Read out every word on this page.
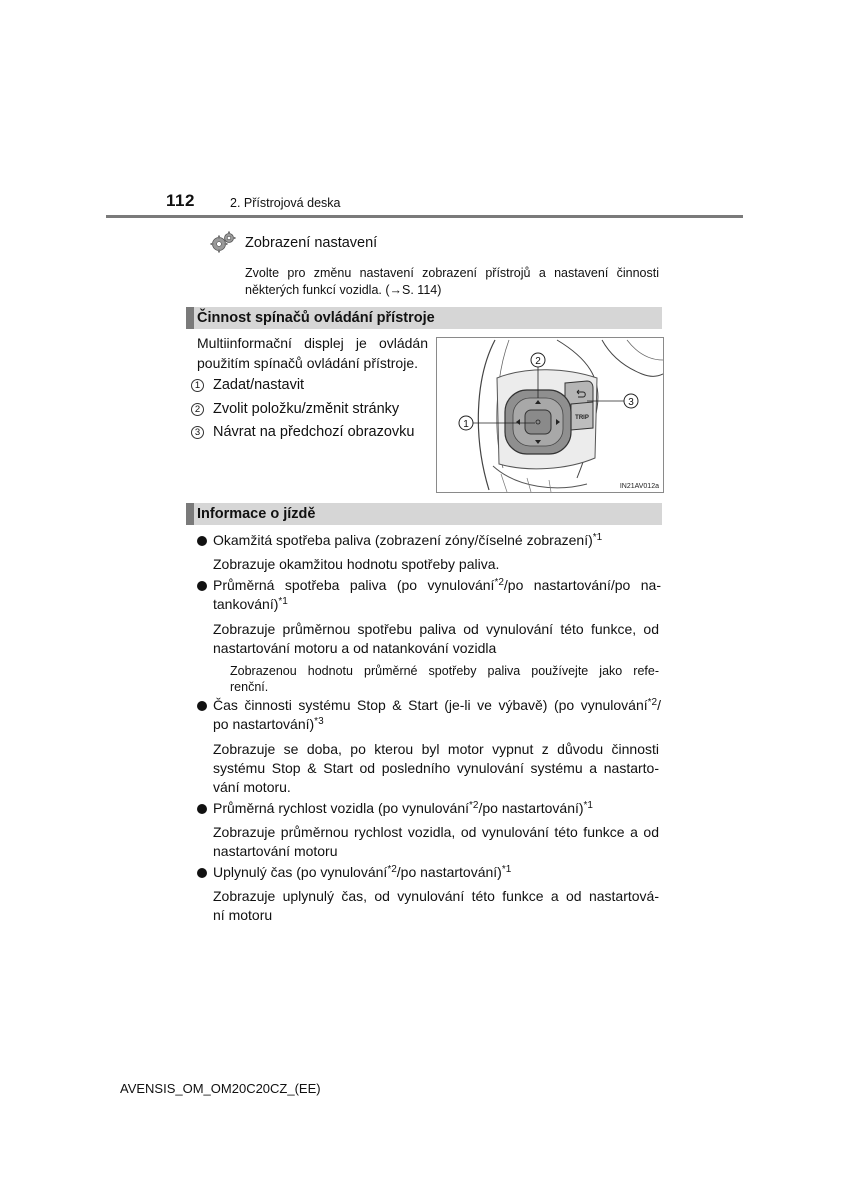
112	2. Přístrojová deska
Zobrazení nastavení
Zvolte pro změnu nastavení zobrazení přístrojů a nastavení činnosti
některých funkcí vozidla. (→S. 114)
Činnost spínačů ovládání přístroje
Multiinformační displej je ovládán
použitím spínačů ovládání přístroje.
1 Zadat/nastavit
2 Zvolit položku/změnit stránky
3 Návrat na předchozí obrazovku
TRIP
2
1
3
IN21AV012a
Informace o jízdě
Okamžitá spotřeba paliva (zobrazení zóny/číselné zobrazení)$^{*1}$
Zobrazuje okamžitou hodnotu spotřeby paliva.
Průměrná spotřeba paliva (po vynulování$^{*2}$/po nastartování/po na-
tankování)$^{*1}$
Zobrazuje průměrnou spotřebu paliva od vynulování této funkce, od
nastartování motoru a od natankování vozidla
Zobrazenou hodnotu průměrné spotřeby paliva používejte jako refe-
renční.
Čas činnosti systému Stop & Start (je-li ve výbavě) (po vynulování$^{*2}$/
po nastartování)$^{*3}$
Zobrazuje se doba, po kterou byl motor vypnut z důvodu činnosti
systému Stop & Start od posledního vynulování systému a nastarto-
vání motoru.
Průměrná rychlost vozidla (po vynulování$^{*2}$/po nastartování)$^{*1}$
Zobrazuje průměrnou rychlost vozidla, od vynulování této funkce a od
nastartování motoru
Uplynulý čas (po vynulování$^{*2}$/po nastartování)$^{*1}$
Zobrazuje uplynulý čas, od vynulování této funkce a od nastartová-
ní motoru
AVENSIS_OM_OM20C20CZ_(EE)
